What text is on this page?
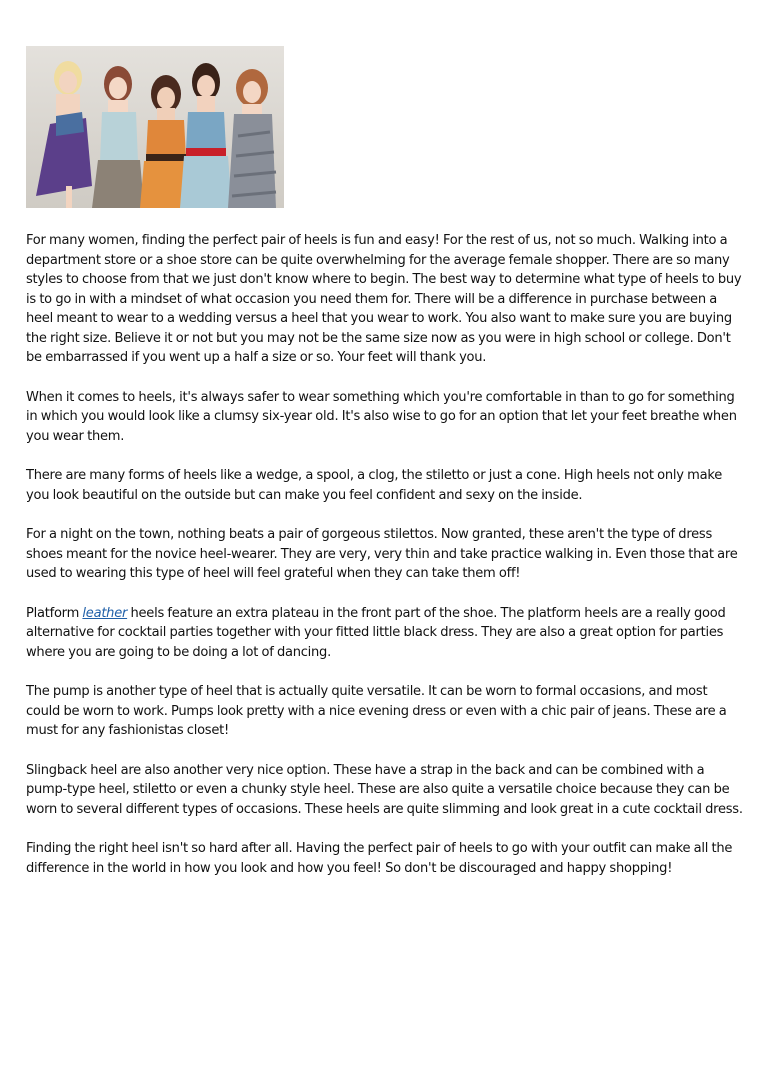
For many women, finding the perfect pair of heels is fun and easy! For the rest of us, not so much. Walking into a department store or a shoe store can be quite overwhelming for the average female shopper. There are so many styles to choose from that we just don't know where to begin. The best way to determine what type of heels to buy is to go in with a mindset of what occasion you need them for. There will be a difference in purchase between a heel meant to wear to a wedding versus a heel that you wear to work. You also want to make sure you are buying the right size. Believe it or not but you may not be the same size now as you were in high school or college. Don't be embarrassed if you went up a half a size or so. Your feet will thank you.

When it comes to heels, it's always safer to wear something which you're comfortable in than to go for something in which you would look like a clumsy six-year old. It's also wise to go for an option that let your feet breathe when you wear them.

There are many forms of heels like a wedge, a spool, a clog, the stiletto or just a cone. High heels not only make you look beautiful on the outside but can make you feel confident and sexy on the inside.

For a night on the town, nothing beats a pair of gorgeous stilettos. Now granted, these aren't the type of dress shoes meant for the novice heel-wearer. They are very, very thin and take practice walking in. Even those that are used to wearing this type of heel will feel grateful when they can take them off!

Platform leather heels feature an extra plateau in the front part of the shoe. The platform heels are a really good alternative for cocktail parties together with your fitted little black dress. They are also a great option for parties where you are going to be doing a lot of dancing.

The pump is another type of heel that is actually quite versatile. It can be worn to formal occasions, and most could be worn to work. Pumps look pretty with a nice evening dress or even with a chic pair of jeans. These are a must for any fashionistas closet!

Slingback heel are also another very nice option. These have a strap in the back and can be combined with a pump-type heel, stiletto or even a chunky style heel. These are also quite a versatile choice because they can be worn to several different types of occasions. These heels are quite slimming and look great in a cute cocktail dress.

Finding the right heel isn't so hard after all. Having the perfect pair of heels to go with your outfit can make all the difference in the world in how you look and how you feel! So don't be discouraged and happy shopping!
